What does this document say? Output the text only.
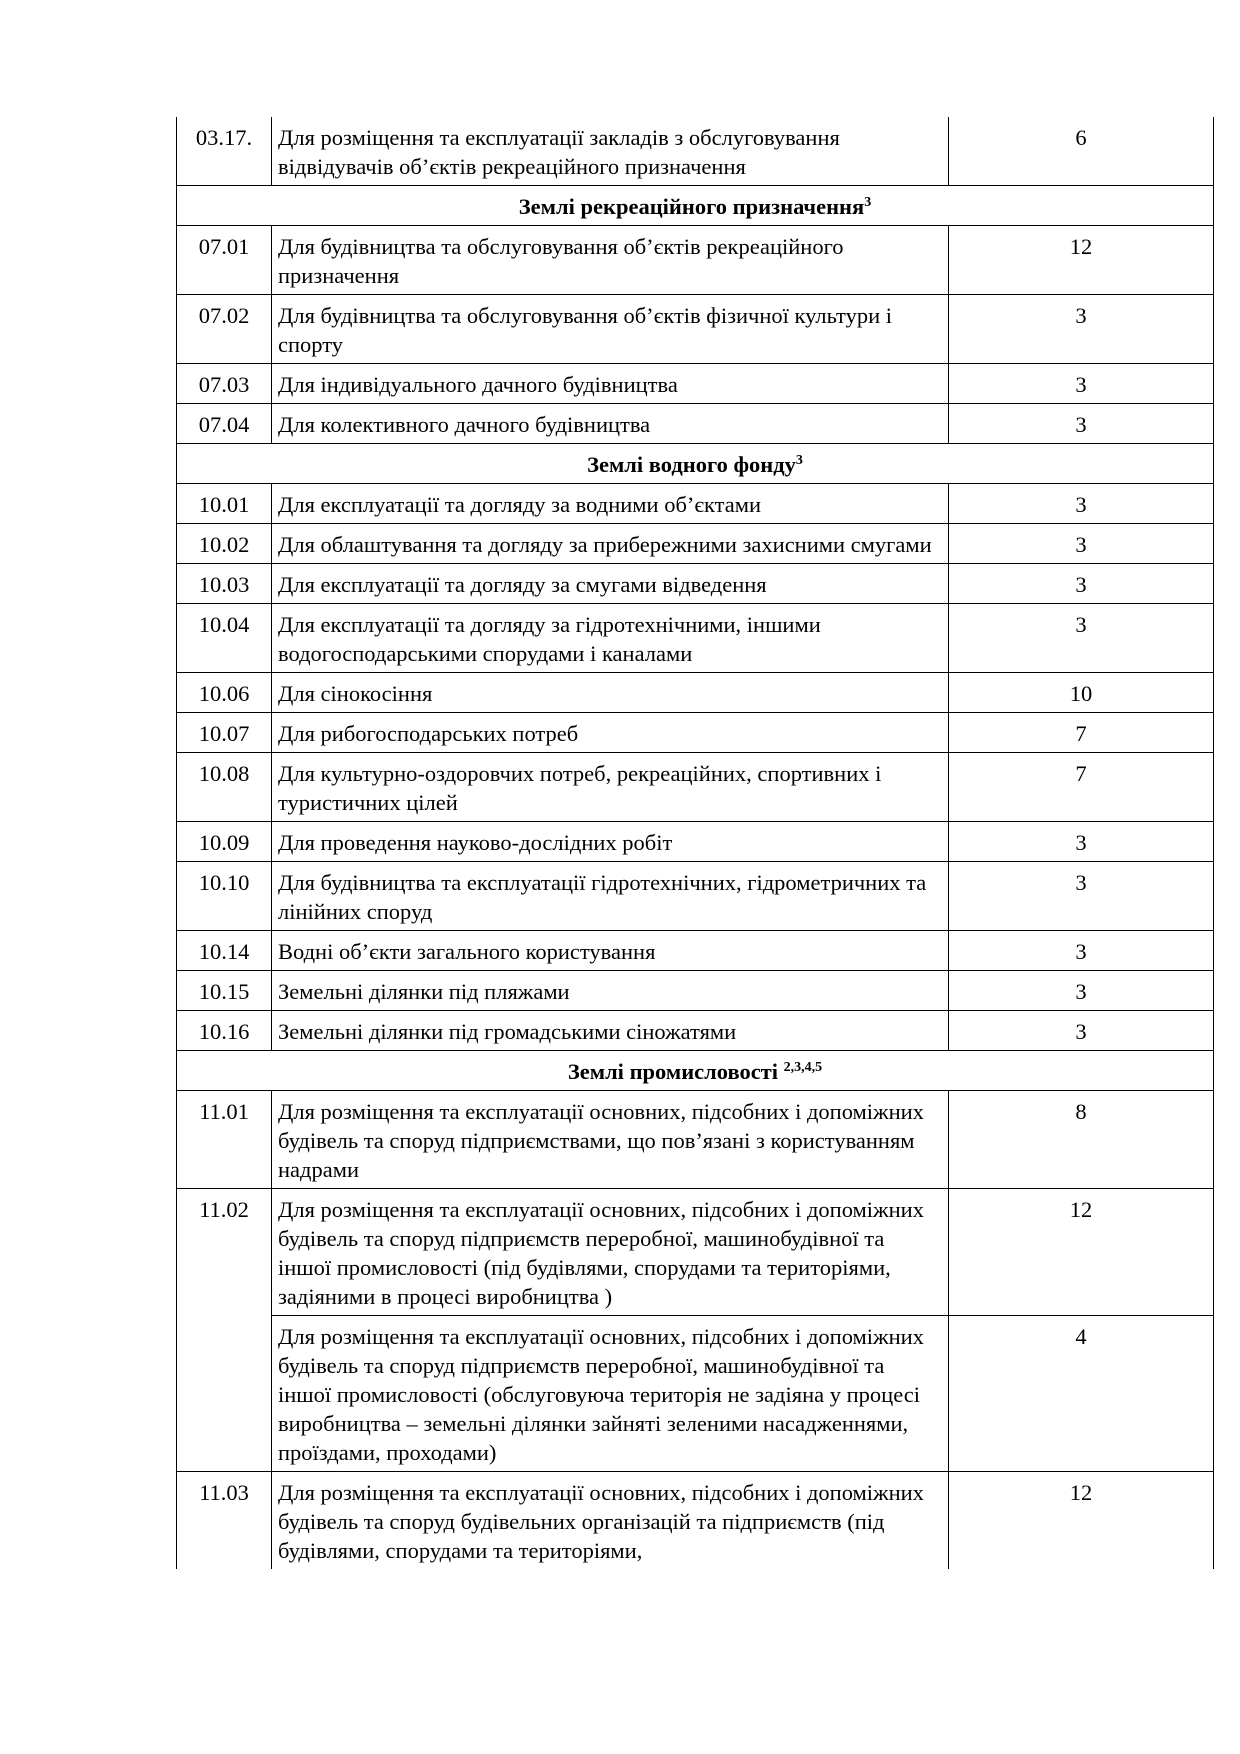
03.17.	Для розміщення та експлуатації закладів з обслуговування відвідувачів об’єктів рекреаційного призначення	6
Землі рекреаційного призначення$^3$
07.01	Для будівництва та обслуговування об’єктів рекреаційного призначення	12
07.02	Для будівництва та обслуговування об’єктів фізичної культури і спорту	3
07.03	Для індивідуального дачного будівництва	3
07.04	Для колективного дачного будівництва	3
Землі водного фонду$^3$
10.01	Для експлуатації та догляду за водними об’єктами	3
10.02	Для облаштування та догляду за прибережними захисними смугами	3
10.03	Для експлуатації та догляду за смугами відведення	3
10.04	Для експлуатації та догляду за гідротехнічними, іншими водогосподарськими спорудами і каналами	3
10.06	Для сінокосіння	10
10.07	Для рибогосподарських потреб	7
10.08	Для культурно-оздоровчих потреб, рекреаційних, спортивних і туристичних цілей	7
10.09	Для проведення науково-дослідних робіт	3
10.10	Для будівництва та експлуатації гідротехнічних, гідрометричних та лінійних споруд	3
10.14	Водні об’єкти загального користування	3
10.15	Земельні ділянки під пляжами	3
10.16	Земельні ділянки під громадськими сіножатями	3
Землі промисловості $^{2,3,4,5}$
11.01	Для розміщення та експлуатації основних, підсобних і допоміжних будівель та споруд підприємствами, що пов’язані з користуванням надрами	8
11.02	Для розміщення та експлуатації основних, підсобних і допоміжних будівель та споруд підприємств переробної, машинобудівної та іншої промисловості (під будівлями, спорудами та територіями, задіяними в процесі виробництва )	12
	Для розміщення та експлуатації основних, підсобних і допоміжних будівель та споруд підприємств переробної, машинобудівної та іншої промисловості (обслуговуюча територія не задіяна у процесі виробництва – земельні ділянки зайняті зеленими насадженнями, проїздами, проходами)	4
11.03	Для розміщення та експлуатації основних, підсобних і допоміжних будівель та споруд будівельних організацій та підприємств (під будівлями, спорудами та територіями,	12
